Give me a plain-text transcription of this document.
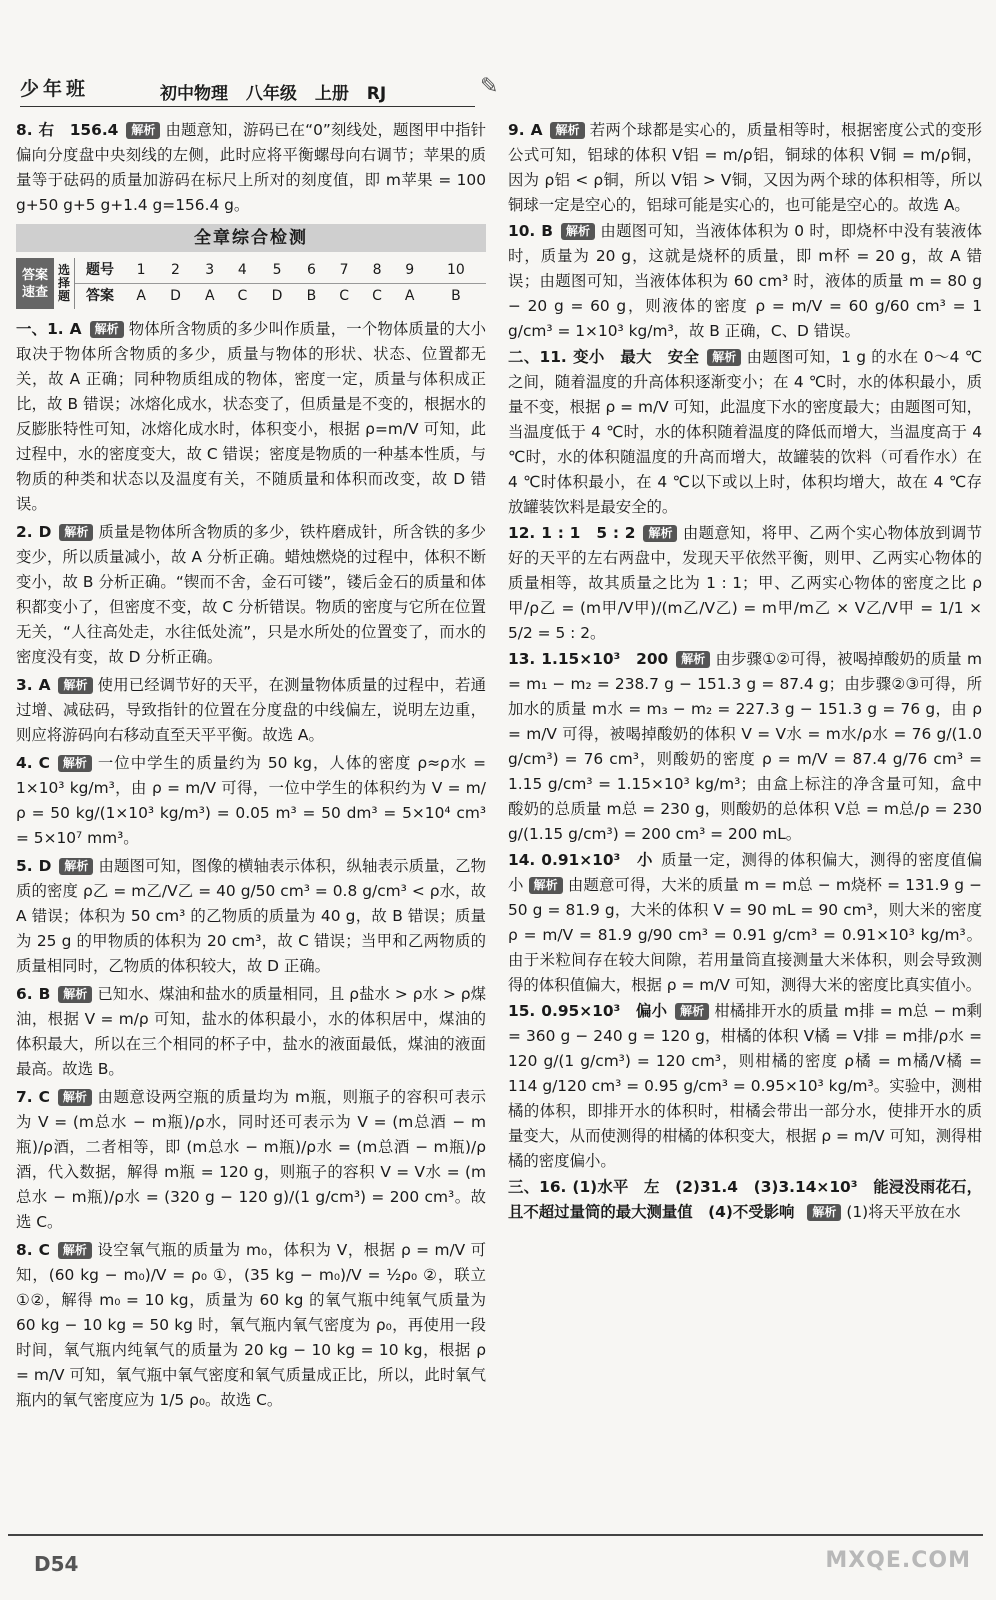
少年班	初中物理 八年级 上册 RJ	✎

8. 右　156.4 解析 由题意知，游码已在“0”刻线处，题图甲中指针偏向分度盘中央刻线的左侧，此时应将平衡螺母向右调节；苹果的质量等于砝码的质量加游码在标尺上所对的刻度值，即 m苹果 = 100 g+50 g+5 g+1.4 g=156.4 g。

全章综合检测
答案速查
选择题
题号	1	2	3	4	5	6	7	8	9	10
答案	A	D	A	C	D	B	C	C	A	B

一、1. A 解析 物体所含物质的多少叫作质量，一个物体质量的大小取决于物体所含物质的多少，质量与物体的形状、状态、位置都无关，故 A 正确；同种物质组成的物体，密度一定，质量与体积成正比，故 B 错误；冰熔化成水，状态变了，但质量是不变的，根据水的反膨胀特性可知，冰熔化成水时，体积变小，根据 ρ=m/V 可知，此过程中，水的密度变大，故 C 错误；密度是物质的一种基本性质，与物质的种类和状态以及温度有关，不随质量和体积而改变，故 D 错误。

2. D 解析 质量是物体所含物质的多少，铁杵磨成针，所含铁的多少变少，所以质量减小，故 A 分析正确。蜡烛燃烧的过程中，体积不断变小，故 B 分析正确。“锲而不舍，金石可镂”，镂后金石的质量和体积都变小了，但密度不变，故 C 分析错误。物质的密度与它所在位置无关，“人往高处走，水往低处流”，只是水所处的位置变了，而水的密度没有变，故 D 分析正确。

3. A 解析 使用已经调节好的天平，在测量物体质量的过程中，若通过增、减砝码，导致指针的位置在分度盘的中线偏左，说明左边重，则应将游码向右移动直至天平平衡。故选 A。

4. C 解析 一位中学生的质量约为 50 kg，人体的密度 ρ≈ρ水 = 1×10³ kg/m³，由 ρ = m/V 可得，一位中学生的体积约为 V = m/ρ = 50 kg/(1×10³ kg/m³) = 0.05 m³ = 50 dm³ = 5×10⁴ cm³ = 5×10⁷ mm³。

5. D 解析 由题图可知，图像的横轴表示体积，纵轴表示质量，乙物质的密度 ρ乙 = m乙/V乙 = 40 g/50 cm³ = 0.8 g/cm³ < ρ水，故 A 错误；体积为 50 cm³ 的乙物质的质量为 40 g，故 B 错误；质量为 25 g 的甲物质的体积为 20 cm³，故 C 错误；当甲和乙两物质的质量相同时，乙物质的体积较大，故 D 正确。

6. B 解析 已知水、煤油和盐水的质量相同，且 ρ盐水 > ρ水 > ρ煤油，根据 V = m/ρ 可知，盐水的体积最小，水的体积居中，煤油的体积最大，所以在三个相同的杯子中，盐水的液面最低，煤油的液面最高。故选 B。

7. C 解析 由题意设两空瓶的质量均为 m瓶，则瓶子的容积可表示为 V = (m总水 − m瓶)/ρ水，同时还可表示为 V = (m总酒 − m瓶)/ρ酒，二者相等，即 (m总水 − m瓶)/ρ水 = (m总酒 − m瓶)/ρ酒，代入数据，解得 m瓶 = 120 g，则瓶子的容积 V = V水 = (m总水 − m瓶)/ρ水 = (320 g − 120 g)/(1 g/cm³) = 200 cm³。故选 C。

8. C 解析 设空氧气瓶的质量为 m₀，体积为 V，根据 ρ = m/V 可知，(60 kg − m₀)/V = ρ₀ ①，(35 kg − m₀)/V = ½ρ₀ ②，联立①②，解得 m₀ = 10 kg，质量为 60 kg 的氧气瓶中纯氧气质量为 60 kg − 10 kg = 50 kg 时，氧气瓶内氧气密度为 ρ₀，再使用一段时间，氧气瓶内纯氧气的质量为 20 kg − 10 kg = 10 kg，根据 ρ = m/V 可知，氧气瓶中氧气密度和氧气质量成正比，所以，此时氧气瓶内的氧气密度应为 1/5 ρ₀。故选 C。

9. A 解析 若两个球都是实心的，质量相等时，根据密度公式的变形公式可知，铝球的体积 V铝 = m/ρ铝，铜球的体积 V铜 = m/ρ铜，因为 ρ铝 < ρ铜，所以 V铝 > V铜，又因为两个球的体积相等，所以铜球一定是空心的，铝球可能是实心的，也可能是空心的。故选 A。

10. B 解析 由题图可知，当液体体积为 0 时，即烧杯中没有装液体时，质量为 20 g，这就是烧杯的质量，即 m杯 = 20 g，故 A 错误；由题图可知，当液体体积为 60 cm³ 时，液体的质量 m = 80 g − 20 g = 60 g，则液体的密度 ρ = m/V = 60 g/60 cm³ = 1 g/cm³ = 1×10³ kg/m³，故 B 正确，C、D 错误。

二、11. 变小　最大　安全 解析 由题图可知，1 g 的水在 0～4 ℃之间，随着温度的升高体积逐渐变小；在 4 ℃时，水的体积最小，质量不变，根据 ρ = m/V 可知，此温度下水的密度最大；由题图可知，当温度低于 4 ℃时，水的体积随着温度的降低而增大，当温度高于 4 ℃时，水的体积随温度的升高而增大，故罐装的饮料（可看作水）在 4 ℃时体积最小，在 4 ℃以下或以上时，体积均增大，故在 4 ℃存放罐装饮料是最安全的。

12. 1 : 1　5 : 2 解析 由题意知，将甲、乙两个实心物体放到调节好的天平的左右两盘中，发现天平依然平衡，则甲、乙两实心物体的质量相等，故其质量之比为 1 : 1；甲、乙两实心物体的密度之比 ρ甲/ρ乙 = (m甲/V甲)/(m乙/V乙) = m甲/m乙 × V乙/V甲 = 1/1 × 5/2 = 5 : 2。

13. 1.15×10³　200 解析 由步骤①②可得，被喝掉酸奶的质量 m = m₁ − m₂ = 238.7 g − 151.3 g = 87.4 g；由步骤②③可得，所加水的质量 m水 = m₃ − m₂ = 227.3 g − 151.3 g = 76 g，由 ρ = m/V 可得，被喝掉酸奶的体积 V = V水 = m水/ρ水 = 76 g/(1.0 g/cm³) = 76 cm³，则酸奶的密度 ρ = m/V = 87.4 g/76 cm³ = 1.15 g/cm³ = 1.15×10³ kg/m³；由盒上标注的净含量可知，盒中酸奶的总质量 m总 = 230 g，则酸奶的总体积 V总 = m总/ρ = 230 g/(1.15 g/cm³) = 200 cm³ = 200 mL。

14. 0.91×10³　小 质量一定，测得的体积偏大，测得的密度值偏小 解析 由题意可得，大米的质量 m = m总 − m烧杯 = 131.9 g − 50 g = 81.9 g，大米的体积 V = 90 mL = 90 cm³，则大米的密度 ρ = m/V = 81.9 g/90 cm³ = 0.91 g/cm³ = 0.91×10³ kg/m³。由于米粒间存在较大间隙，若用量筒直接测量大米体积，则会导致测得的体积值偏大，根据 ρ = m/V 可知，测得大米的密度比真实值小。

15. 0.95×10³　偏小 解析 柑橘排开水的质量 m排 = m总 − m剩 = 360 g − 240 g = 120 g，柑橘的体积 V橘 = V排 = m排/ρ水 = 120 g/(1 g/cm³) = 120 cm³，则柑橘的密度 ρ橘 = m橘/V橘 = 114 g/120 cm³ = 0.95 g/cm³ = 0.95×10³ kg/m³。实验中，测柑橘的体积，即排开水的体积时，柑橘会带出一部分水，使排开水的质量变大，从而使测得的柑橘的体积变大，根据 ρ = m/V 可知，测得柑橘的密度偏小。

三、16. (1)水平　左　(2)31.4　(3)3.14×10³　能浸没雨花石，且不超过量筒的最大测量值　(4)不受影响 解析 (1)将天平放在水

D54	MXQE.COM
